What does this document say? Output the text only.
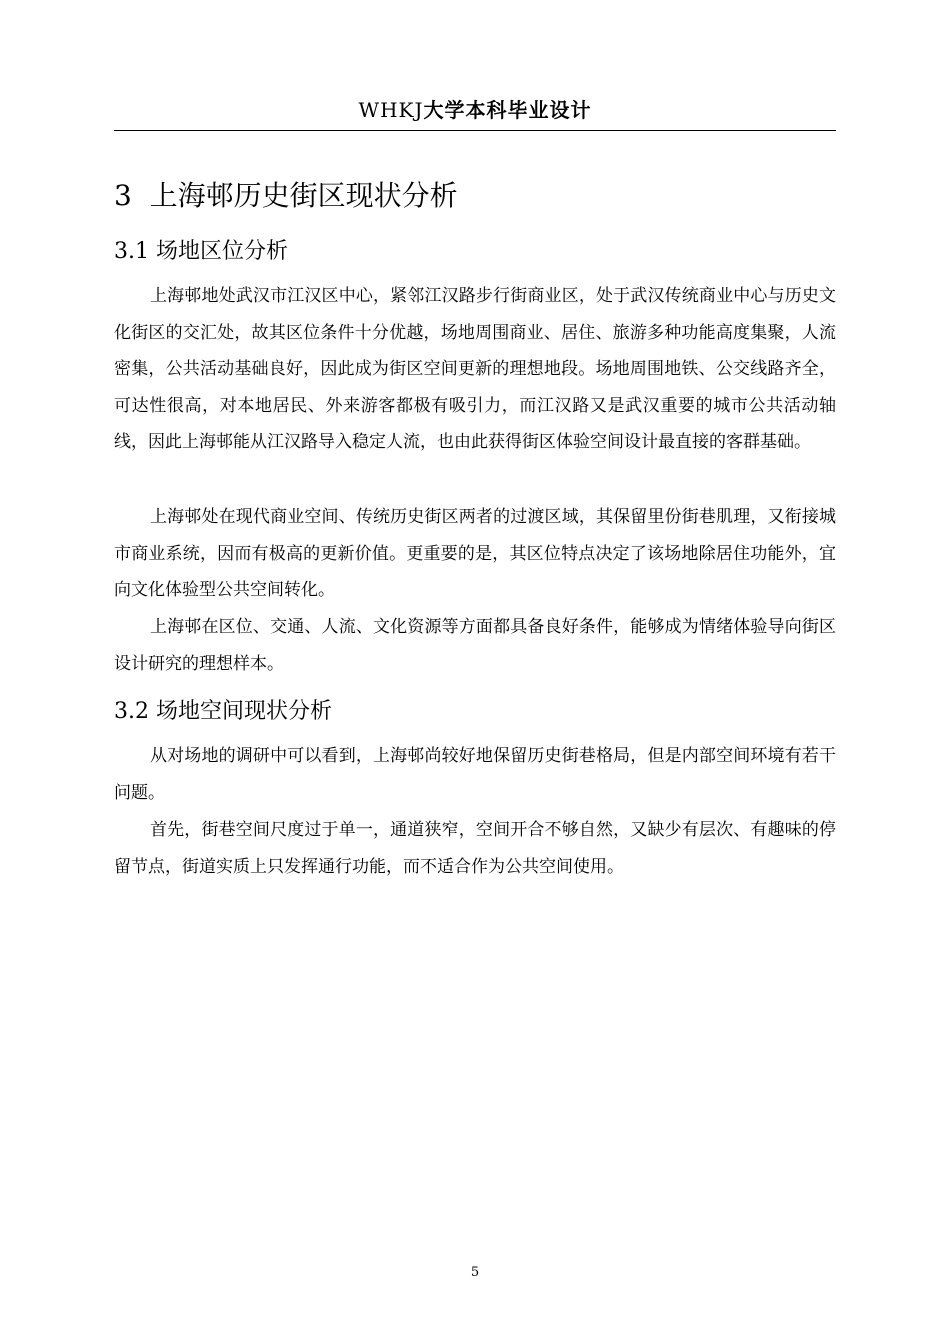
WHKJ大学本科毕业设计
3 上海邨历史街区现状分析
3.1 场地区位分析

上海邨地处武汉市江汉区中心，紧邻江汉路步行街商业区，处于武汉传统商业中心与历史文化街区的交汇处，故其区位条件十分优越，场地周围商业、居住、旅游多种功能高度集聚，人流密集，公共活动基础良好，因此成为街区空间更新的理想地段。场地周围地铁、公交线路齐全，可达性很高，对本地居民、外来游客都极有吸引力，而江汉路又是武汉重要的城市公共活动轴线，因此上海邨能从江汉路导入稳定人流，也由此获得街区体验空间设计最直接的客群基础。

上海邨处在现代商业空间、传统历史街区两者的过渡区域，其保留里份街巷肌理，又衔接城市商业系统，因而有极高的更新价值。更重要的是，其区位特点决定了该场地除居住功能外，宜向文化体验型公共空间转化。

上海邨在区位、交通、人流、文化资源等方面都具备良好条件，能够成为情绪体验导向街区设计研究的理想样本。

3.2 场地空间现状分析

从对场地的调研中可以看到，上海邨尚较好地保留历史街巷格局，但是内部空间环境有若干问题。

首先，街巷空间尺度过于单一，通道狭窄，空间开合不够自然，又缺少有层次、有趣味的停留节点，街道实质上只发挥通行功能，而不适合作为公共空间使用。

5
